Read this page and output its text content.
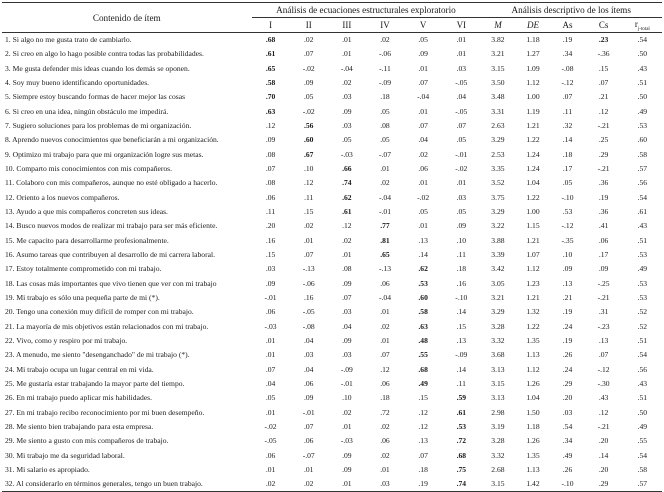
Contenido de ítem	Análisis de ecuaciones estructurales exploratorio						Análisis descriptivo de los ítems				
	I	II	III	IV	V	VI	M	DE	As	Cs	$r_{j-total}$
1. Si algo no me gusta trato de cambiarlo.	.68	.02	.01	.02	.05	.01	3.82	1.18	.19	.23	.54
2. Si creo en algo lo hago posible contra todas las probabilidades.	.61	.07	.01	-.06	.09	.01	3.21	1.27	.34	-.36	.50
3. Me gusta defender mis ideas cuando los demás se oponen.	.65	-.02	-.04	-.11	.01	.03	3.15	1.09	-.08	.15	.43
4. Soy muy bueno identificando oportunidades.	.58	.09	.02	-.09	.07	-.05	3.50	1.12	-.12	.07	.51
5. Siempre estoy buscando formas de hacer mejor las cosas	.70	.05	.03	.18	-.04	.04	3.48	1.00	.07	.21	.50
6. Si creo en una idea, ningún obstáculo me impedirá.	.63	-.02	.09	.05	.01	-.05	3.31	1.19	.11	.12	.49
7. Sugiero soluciones para los problemas de mi organización.	.12	.56	.03	.08	.07	.07	2.63	1.21	.32	-.21	.53
8. Aprendo nuevos conocimientos que beneficiarán a mi organización.	.09	.60	.05	.05	.04	.05	3.29	1.22	.14	.25	.60
9. Optimizo mi trabajo para que mi organización logre sus metas.	.08	.67	-.03	-.07	.02	-.01	2.53	1.24	.18	.29	.58
10. Comparto mis conocimientos con mis compañeros.	.07	.10	.66	.01	.06	-.02	3.35	1.24	.17	-.21	.57
11. Colaboro con mis compañeros, aunque no esté obligado a hacerlo.	.08	.12	.74	.02	.01	.01	3.52	1.04	.05	.36	.56
12. Oriento a los nuevos compañeros.	.06	.11	.62	-.04	-.02	.03	3.75	1.22	-.10	.19	.54
13. Ayudo a que mis compañeros concreten sus ideas.	.11	.15	.61	-.01	.05	.05	3.29	1.00	.53	.36	.61
14. Busco nuevos modos de realizar mi trabajo para ser más eficiente.	.20	.02	.12	.77	.01	.09	3.22	1.15	-.12	.41	.43
15. Me capacito para desarrollarme profesionalmente.	.16	.01	.02	.81	.13	.10	3.88	1.21	-.35	.06	.51
16. Asumo tareas que contribuyen al desarrollo de mi carrera laboral.	.15	.07	.01	.65	.14	.11	3.39	1.07	.10	.17	.53
17. Estoy totalmente comprometido con mi trabajo.	.03	-.13	.08	-.13	.62	.18	3.42	1.12	.09	.09	.49
18. Las cosas más importantes que vivo tienen que ver con mi trabajo	.09	-.06	.09	.06	.53	.16	3.05	1.23	.13	-.25	.53
19. Mi trabajo es sólo una pequeña parte de mi (*).	-.01	.16	.07	-.04	.60	-.10	3.21	1.21	.21	-.21	.53
20. Tengo una conexión muy difícil de romper con mi trabajo.	.06	-.05	.03	.01	.58	.14	3.29	1.32	.19	.31	.52
21. La mayoría de mis objetivos están relacionados con mi trabajo.	-.03	-.08	.04	.02	.63	.15	3.28	1.22	.24	-.23	.52
22. Vivo, como y respiro por mi trabajo.	.01	.04	.09	.01	.48	.13	3.32	1.35	.19	.13	.51
23. A menudo, me siento "desenganchado" de mi trabajo (*).	.01	.03	.03	.07	.55	-.09	3.68	1.13	.26	.07	.54
24. Mi trabajo ocupa un lugar central en mi vida.	.07	.04	-.09	.12	.68	.14	3.13	1.12	.24	-.12	.56
25. Me gustaría estar trabajando la mayor parte del tiempo.	.04	.06	-.01	.06	.49	.11	3.15	1.26	.29	-.30	.43
26. En mi trabajo puedo aplicar mis habilidades.	.05	.09	.10	.18	.15	.59	3.13	1.04	.20	.43	.51
27. En mi trabajo recibo reconocimiento por mi buen desempeño.	.01	-.01	.02	.72	.12	.61	2.98	1.50	.03	.12	.50
28. Me siento bien trabajando para esta empresa.	-.02	.07	.01	.02	.12	.53	3.19	1.18	.54	-.21	.49
29. Me siento a gusto con mis compañeros de trabajo.	-.05	.06	-.03	.06	.13	.72	3.28	1.26	.34	.20	.55
30. Mi trabajo me da seguridad laboral.	.06	-.07	.09	.02	.07	.68	3.32	1.35	.49	.14	.54
31. Mi salario es apropiado.	.01	.01	.09	.01	.18	.75	2.68	1.13	.26	.20	.58
32. Al considerarlo en términos generales, tengo un buen trabajo.	.02	.02	.01	.03	.19	.74	3.15	1.42	-.10	.29	.57
